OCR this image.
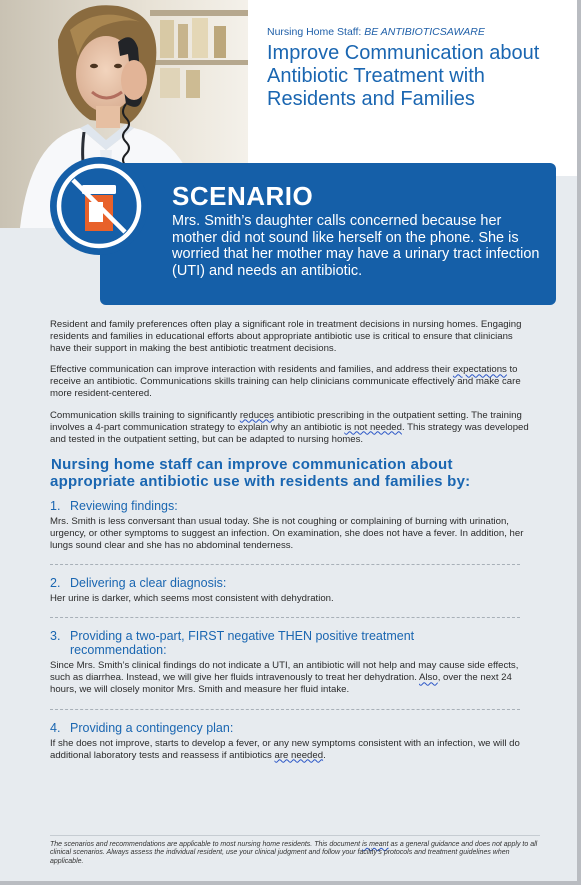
Nursing Home Staff: BE ANTIBIOTICSAWARE
Improve Communication about Antibiotic Treatment with Residents and Families
SCENARIO
Mrs. Smith’s daughter calls concerned because her mother did not sound like herself on the phone. She is worried that her mother may have a urinary tract infection (UTI) and needs an antibiotic.

Resident and family preferences often play a significant role in treatment decisions in nursing homes. Engaging residents and families in educational efforts about appropriate antibiotic use is critical to ensure that clinicians have their support in making the best antibiotic treatment decisions.

Effective communication can improve interaction with residents and families, and address their expectations to receive an antibiotic. Communications skills training can help clinicians communicate effectively and make care more resident-centered.

Communication skills training to significantly reduces antibiotic prescribing in the outpatient setting. The training involves a 4-part communication strategy to explain why an antibiotic is not needed. This strategy was developed and tested in the outpatient setting, but can be adapted to nursing homes.

Nursing home staff can improve communication about appropriate antibiotic use with residents and families by:
1. Reviewing findings:

Mrs. Smith is less conversant than usual today. She is not coughing or complaining of burning with urination, urgency, or other symptoms to suggest an infection. On examination, she does not have a fever. In addition, her lungs sound clear and she has no abdominal tenderness.

2. Delivering a clear diagnosis:

Her urine is darker, which seems most consistent with dehydration.

3. Providing a two-part, FIRST negative THEN positive treatment
recommendation:

Since Mrs. Smith’s clinical findings do not indicate a UTI, an antibiotic will not help and may cause side effects, such as diarrhea. Instead, we will give her fluids intravenously to treat her dehydration. Also, over the next 24 hours, we will closely monitor Mrs. Smith and measure her fluid intake.

4. Providing a contingency plan:

If she does not improve, starts to develop a fever, or any new symptoms consistent with an infection, we will do additional laboratory tests and reassess if antibiotics are needed.

The scenarios and recommendations are applicable to most nursing home residents. This document is meant as a general guidance and does not apply to all clinical scenarios. Always assess the individual resident, use your clinical judgment and follow your facility’s protocols and treatment guidelines when applicable.
